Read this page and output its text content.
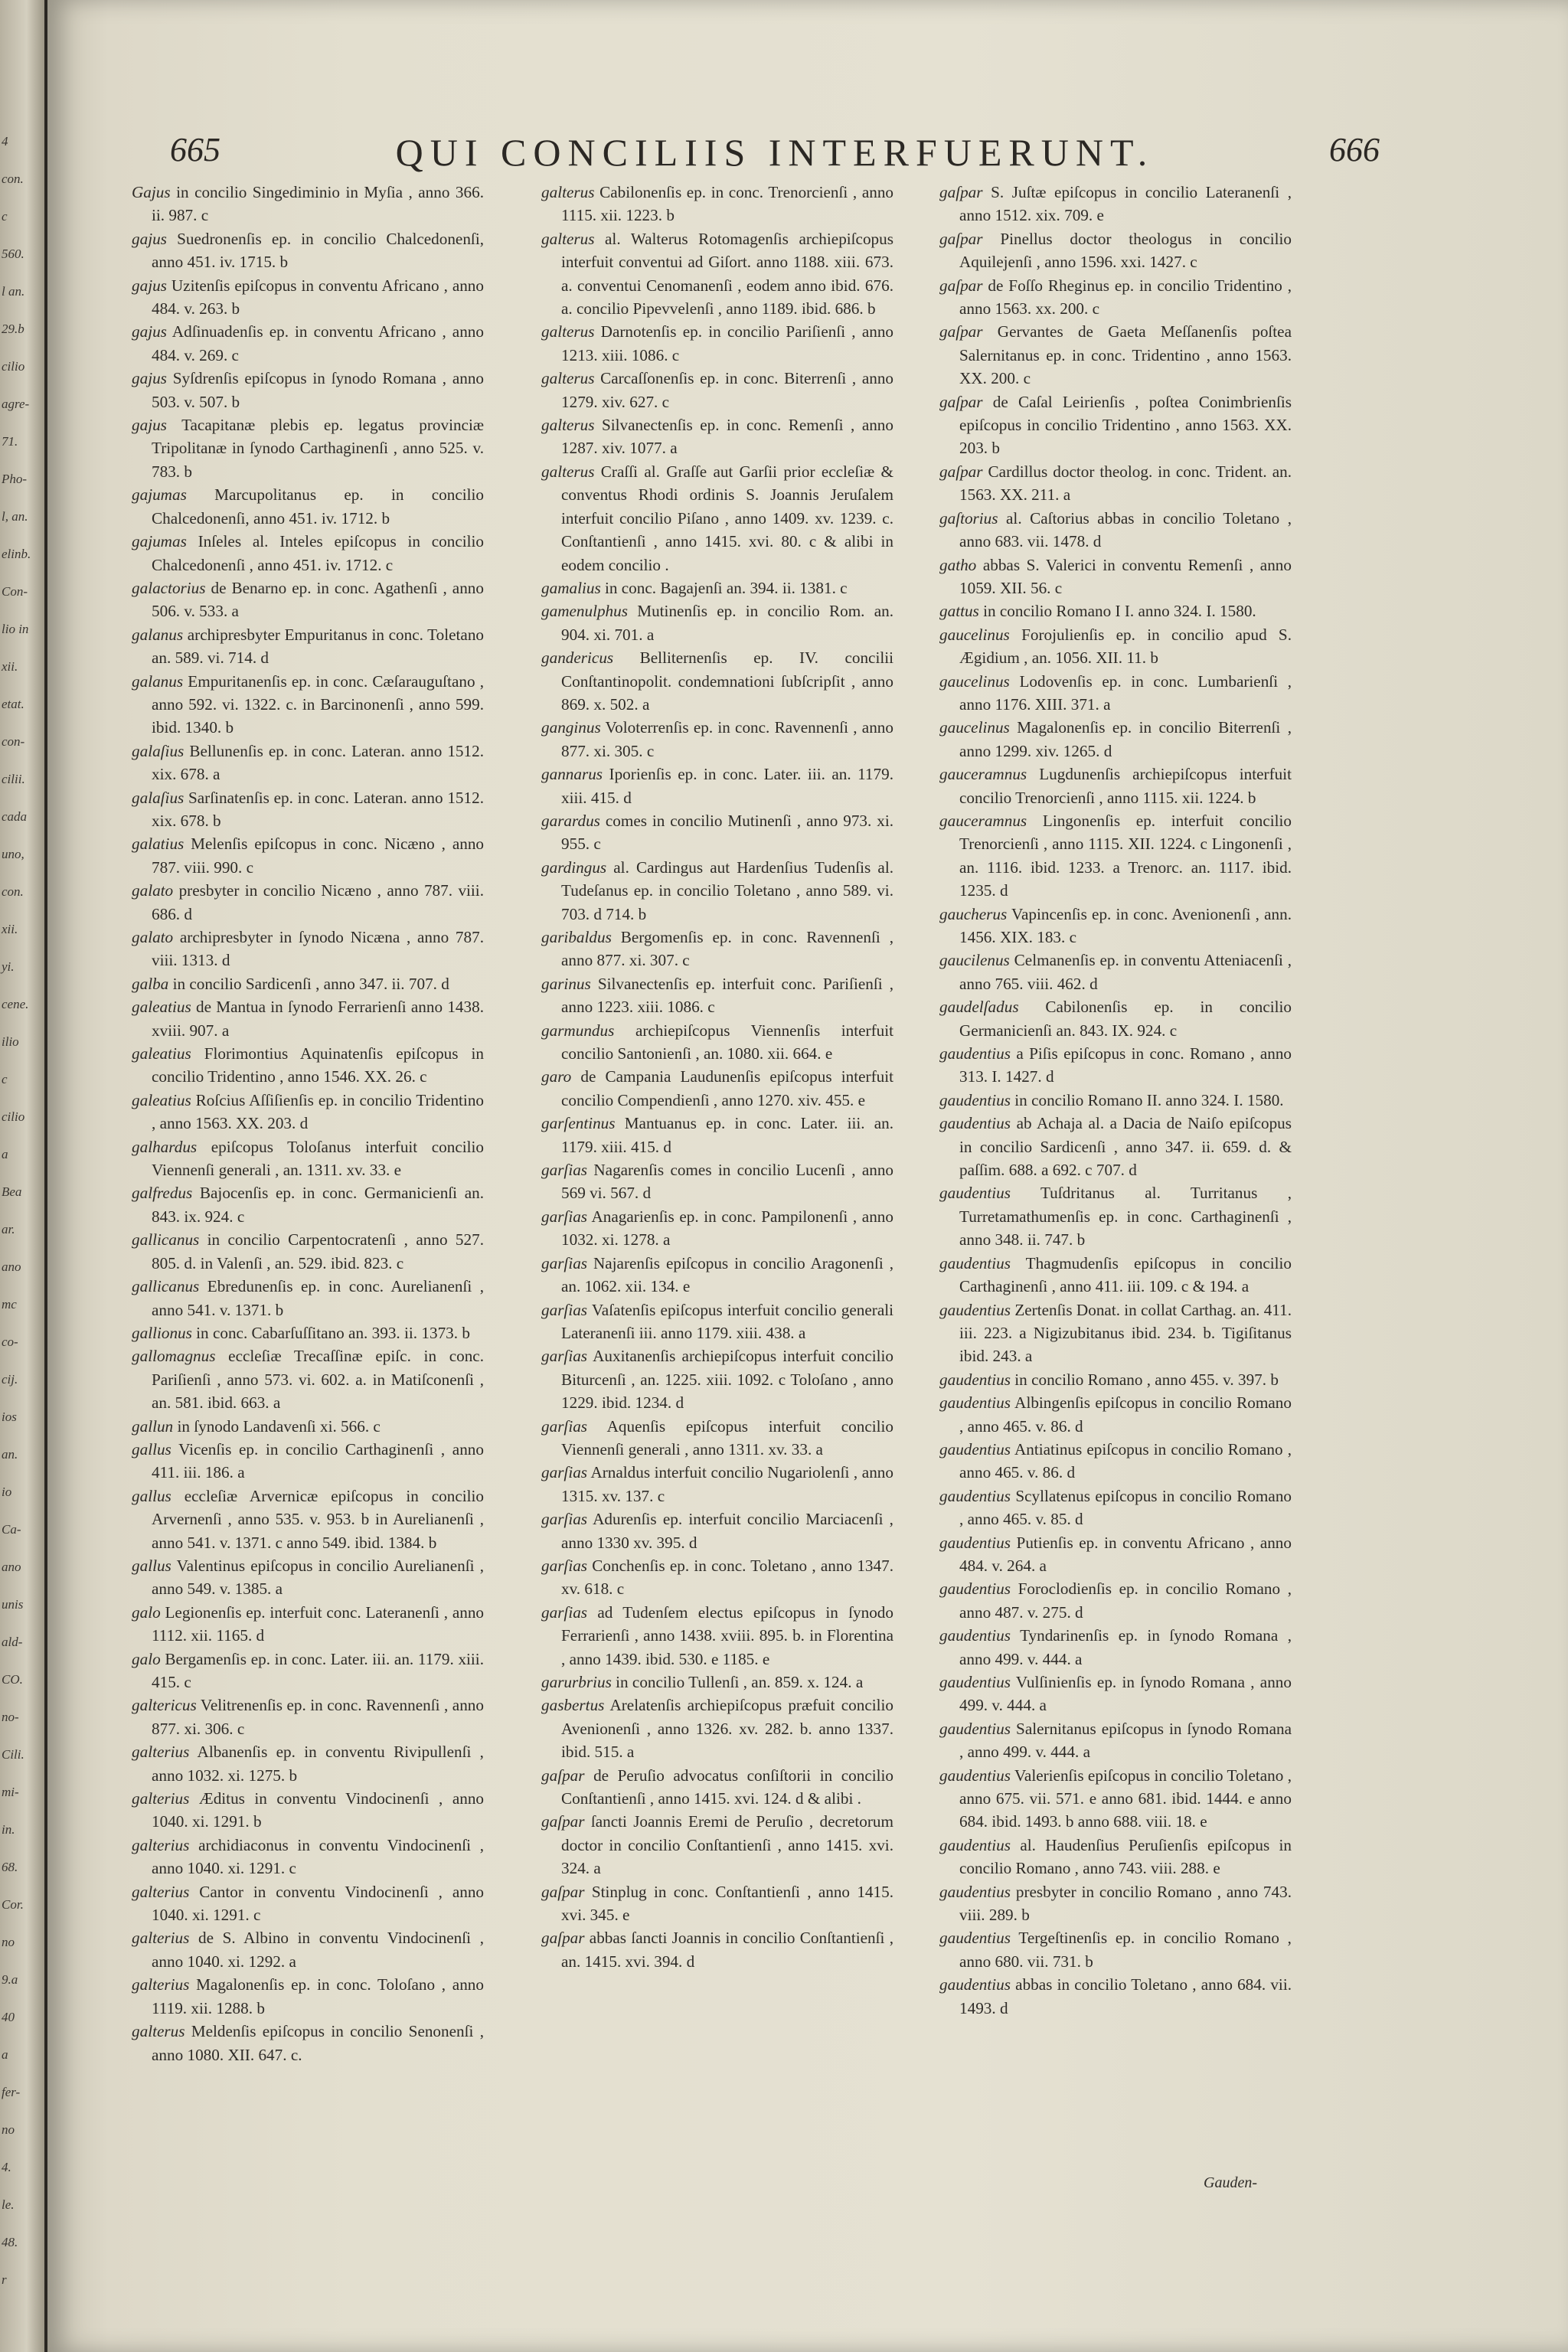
4
con.
c
560.
l an.
29.b
cilio
agre-
71.
Pho-
l, an.
elinb.
Con-
lio in
xii.
etat.
con-
cilii.
cada
uno,
con.
xii.
yi.
cene.
ilio
c
cilio
a
Bea
ar.
ano
mc
co-
cij.
ios
an.
io
Ca-
ano
unis
ald-
CO.
no-
Cili.
mi-
in.
68.
Cor.
no
9.a
40
a
fer-
no
4.
le.
48.
r
665	QUI CONCILIIS INTERFUERUNT.	666

Gajus in concilio Singediminio in Myſia , anno 366. ii. 987. c

gajus Suedronenſis ep. in concilio Chalcedonenſi, anno 451. iv. 1715. b

gajus Uzitenſis epiſcopus in conventu Africano , anno 484. v. 263. b

gajus Adſinuadenſis ep. in conventu Africano , anno 484. v. 269. c

gajus Syſdrenſis epiſcopus in ſynodo Romana , anno 503. v. 507. b

gajus Tacapitanæ plebis ep. legatus provinciæ Tripolitanæ in ſynodo Carthaginenſi , anno 525. v. 783. b

gajumas Marcupolitanus ep. in concilio Chalcedonenſi, anno 451. iv. 1712. b

gajumas Inſeles al. Inteles epiſcopus in concilio Chalcedonenſi , anno 451. iv. 1712. c

galactorius de Benarno ep. in conc. Agathenſi , anno 506. v. 533. a

galanus archipresbyter Empuritanus in conc. Toletano an. 589. vi. 714. d

galanus Empuritanenſis ep. in conc. Cæſarauguſtano , anno 592. vi. 1322. c. in Barcinonenſi , anno 599. ibid. 1340. b

galaſius Bellunenſis ep. in conc. Lateran. anno 1512. xix. 678. a

galaſius Sarſinatenſis ep. in conc. Lateran. anno 1512. xix. 678. b

galatius Melenſis epiſcopus in conc. Nicæno , anno 787. viii. 990. c

galato presbyter in concilio Nicæno , anno 787. viii. 686. d

galato archipresbyter in ſynodo Nicæna , anno 787. viii. 1313. d

galba in concilio Sardicenſi , anno 347. ii. 707. d

galeatius de Mantua in ſynodo Ferrarienſi anno 1438. xviii. 907. a

galeatius Florimontius Aquinatenſis epiſcopus in concilio Tridentino , anno 1546. XX. 26. c

galeatius Roſcius Aſſiſienſis ep. in concilio Tridentino , anno 1563. XX. 203. d

galhardus epiſcopus Toloſanus interfuit concilio Viennenſi generali , an. 1311. xv. 33. e

galfredus Bajocenſis ep. in conc. Germanicienſi an. 843. ix. 924. c

gallicanus in concilio Carpentocratenſi , anno 527. 805. d. in Valenſi , an. 529. ibid. 823. c

gallicanus Ebredunenſis ep. in conc. Aurelianenſi , anno 541. v. 1371. b

gallionus in conc. Cabarſuſſitano an. 393. ii. 1373. b

gallomagnus eccleſiæ Trecaſſinæ epiſc. in conc. Pariſienſi , anno 573. vi. 602. a. in Matiſconenſi , an. 581. ibid. 663. a

gallun in ſynodo Landavenſi xi. 566. c

gallus Vicenſis ep. in concilio Carthaginenſi , anno 411. iii. 186. a

gallus eccleſiæ Arvernicæ epiſcopus in concilio Arvernenſi , anno 535. v. 953. b in Aurelianenſi , anno 541. v. 1371. c anno 549. ibid. 1384. b

gallus Valentinus epiſcopus in concilio Aurelianenſi , anno 549. v. 1385. a

galo Legionenſis ep. interfuit conc. Lateranenſi , anno 1112. xii. 1165. d

galo Bergamenſis ep. in conc. Later. iii. an. 1179. xiii. 415. c

galtericus Velitrenenſis ep. in conc. Ravennenſi , anno 877. xi. 306. c

galterius Albanenſis ep. in conventu Rivipullenſi , anno 1032. xi. 1275. b

galterius Æditus in conventu Vindocinenſi , anno 1040. xi. 1291. b

galterius archidiaconus in conventu Vindocinenſi , anno 1040. xi. 1291. c

galterius Cantor in conventu Vindocinenſi , anno 1040. xi. 1291. c

galterius de S. Albino in conventu Vindocinenſi , anno 1040. xi. 1292. a

galterius Magalonenſis ep. in conc. Toloſano , anno 1119. xii. 1288. b

galterus Meldenſis epiſcopus in concilio Senonenſi , anno 1080. XII. 647. c.

galterus Cabilonenſis ep. in conc. Trenorcienſi , anno 1115. xii. 1223. b

galterus al. Walterus Rotomagenſis archiepiſcopus interfuit conventui ad Giſort. anno 1188. xiii. 673. a. conventui Cenomanenſi , eodem anno ibid. 676. a. concilio Pipevvelenſi , anno 1189. ibid. 686. b

galterus Darnotenſis ep. in concilio Pariſienſi , anno 1213. xiii. 1086. c

galterus Carcaſſonenſis ep. in conc. Biterrenſi , anno 1279. xiv. 627. c

galterus Silvanectenſis ep. in conc. Remenſi , anno 1287. xiv. 1077. a

galterus Craſſi al. Graſſe aut Garſii prior eccleſiæ & conventus Rhodi ordinis S. Joannis Jeruſalem interfuit concilio Piſano , anno 1409. xv. 1239. c. Conſtantienſi , anno 1415. xvi. 80. c & alibi in eodem concilio .

gamalius in conc. Bagajenſi an. 394. ii. 1381. c

gamenulphus Mutinenſis ep. in concilio Rom. an. 904. xi. 701. a

gandericus Belliternenſis ep. IV. concilii Conſtantinopolit. condemnationi ſubſcripſit , anno 869. x. 502. a

ganginus Voloterrenſis ep. in conc. Ravennenſi , anno 877. xi. 305. c

gannarus Iporienſis ep. in conc. Later. iii. an. 1179. xiii. 415. d

garardus comes in concilio Mutinenſi , anno 973. xi. 955. c

gardingus al. Cardingus aut Hardenſius Tudenſis al. Tudeſanus ep. in concilio Toletano , anno 589. vi. 703. d 714. b

garibaldus Bergomenſis ep. in conc. Ravennenſi , anno 877. xi. 307. c

garinus Silvanectenſis ep. interfuit conc. Pariſienſi , anno 1223. xiii. 1086. c

garmundus archiepiſcopus Viennenſis interfuit concilio Santonienſi , an. 1080. xii. 664. e

garo de Campania Laudunenſis epiſcopus interfuit concilio Compendienſi , anno 1270. xiv. 455. e

garſentinus Mantuanus ep. in conc. Later. iii. an. 1179. xiii. 415. d

garſias Nagarenſis comes in concilio Lucenſi , anno 569 vi. 567. d

garſias Anagarienſis ep. in conc. Pampilonenſi , anno 1032. xi. 1278. a

garſias Najarenſis epiſcopus in concilio Aragonenſi , an. 1062. xii. 134. e

garſias Vaſatenſis epiſcopus interfuit concilio generali Lateranenſi iii. anno 1179. xiii. 438. a

garſias Auxitanenſis archiepiſcopus interfuit concilio Biturcenſi , an. 1225. xiii. 1092. c Toloſano , anno 1229. ibid. 1234. d

garſias Aquenſis epiſcopus interfuit concilio Viennenſi generali , anno 1311. xv. 33. a

garſias Arnaldus interfuit concilio Nugariolenſi , anno 1315. xv. 137. c

garſias Adurenſis ep. interfuit concilio Marciacenſi , anno 1330 xv. 395. d

garſias Conchenſis ep. in conc. Toletano , anno 1347. xv. 618. c

garſias ad Tudenſem electus epiſcopus in ſynodo Ferrarienſi , anno 1438. xviii. 895. b. in Florentina , anno 1439. ibid. 530. e 1185. e

garurbrius in concilio Tullenſi , an. 859. x. 124. a

gasbertus Arelatenſis archiepiſcopus præfuit concilio Avenionenſi , anno 1326. xv. 282. b. anno 1337. ibid. 515. a

gaſpar de Peruſio advocatus conſiſtorii in concilio Conſtantienſi , anno 1415. xvi. 124. d & alibi .

gaſpar ſancti Joannis Eremi de Peruſio , decretorum doctor in concilio Conſtantienſi , anno 1415. xvi. 324. a

gaſpar Stinplug in conc. Conſtantienſi , anno 1415. xvi. 345. e

gaſpar abbas ſancti Joannis in concilio Conſtantienſi , an. 1415. xvi. 394. d

gaſpar S. Juſtæ epiſcopus in concilio Lateranenſi , anno 1512. xix. 709. e

gaſpar Pinellus doctor theologus in concilio Aquilejenſi , anno 1596. xxi. 1427. c

gaſpar de Foſſo Rheginus ep. in concilio Tridentino , anno 1563. xx. 200. c

gaſpar Gervantes de Gaeta Meſſanenſis poſtea Salernitanus ep. in conc. Tridentino , anno 1563. XX. 200. c

gaſpar de Caſal Leirienſis , poſtea Conimbrienſis epiſcopus in concilio Tridentino , anno 1563. XX. 203. b

gaſpar Cardillus doctor theolog. in conc. Trident. an. 1563. XX. 211. a

gaſtorius al. Caſtorius abbas in concilio Toletano , anno 683. vii. 1478. d

gatho abbas S. Valerici in conventu Remenſi , anno 1059. XII. 56. c

gattus in concilio Romano I I. anno 324. I. 1580.

gaucelinus Forojulienſis ep. in concilio apud S. Ægidium , an. 1056. XII. 11. b

gaucelinus Lodovenſis ep. in conc. Lumbarienſi , anno 1176. XIII. 371. a

gaucelinus Magalonenſis ep. in concilio Biterrenſi , anno 1299. xiv. 1265. d

gauceramnus Lugdunenſis archiepiſcopus interfuit concilio Trenorcienſi , anno 1115. xii. 1224. b

gauceramnus Lingonenſis ep. interfuit concilio Trenorcienſi , anno 1115. XII. 1224. c Lingonenſi , an. 1116. ibid. 1233. a Trenorc. an. 1117. ibid. 1235. d

gaucherus Vapincenſis ep. in conc. Avenionenſi , ann. 1456. XIX. 183. c

gaucilenus Celmanenſis ep. in conventu Atteniacenſi , anno 765. viii. 462. d

gaudelſadus Cabilonenſis ep. in concilio Germanicienſi an. 843. IX. 924. c

gaudentius a Piſis epiſcopus in conc. Romano , anno 313. I. 1427. d

gaudentius in concilio Romano II. anno 324. I. 1580.

gaudentius ab Achaja al. a Dacia de Naiſo epiſcopus in concilio Sardicenſi , anno 347. ii. 659. d. & paſſim. 688. a 692. c 707. d

gaudentius Tuſdritanus al. Turritanus , Turretamathumenſis ep. in conc. Carthaginenſi , anno 348. ii. 747. b

gaudentius Thagmudenſis epiſcopus in concilio Carthaginenſi , anno 411. iii. 109. c & 194. a

gaudentius Zertenſis Donat. in collat Carthag. an. 411. iii. 223. a Nigizubitanus ibid. 234. b. Tigiſitanus ibid. 243. a

gaudentius in concilio Romano , anno 455. v. 397. b

gaudentius Albingenſis epiſcopus in concilio Romano , anno 465. v. 86. d

gaudentius Antiatinus epiſcopus in concilio Romano , anno 465. v. 86. d

gaudentius Scyllatenus epiſcopus in concilio Romano , anno 465. v. 85. d

gaudentius Putienſis ep. in conventu Africano , anno 484. v. 264. a

gaudentius Foroclodienſis ep. in concilio Romano , anno 487. v. 275. d

gaudentius Tyndarinenſis ep. in ſynodo Romana , anno 499. v. 444. a

gaudentius Vulſinienſis ep. in ſynodo Romana , anno 499. v. 444. a

gaudentius Salernitanus epiſcopus in ſynodo Romana , anno 499. v. 444. a

gaudentius Valerienſis epiſcopus in concilio Toletano , anno 675. vii. 571. e anno 681. ibid. 1444. e anno 684. ibid. 1493. b anno 688. viii. 18. e

gaudentius al. Haudenſius Peruſienſis epiſcopus in concilio Romano , anno 743. viii. 288. e

gaudentius presbyter in concilio Romano , anno 743. viii. 289. b

gaudentius Tergeſtinenſis ep. in concilio Romano , anno 680. vii. 731. b

gaudentius abbas in concilio Toletano , anno 684. vii. 1493. d

Gauden-
